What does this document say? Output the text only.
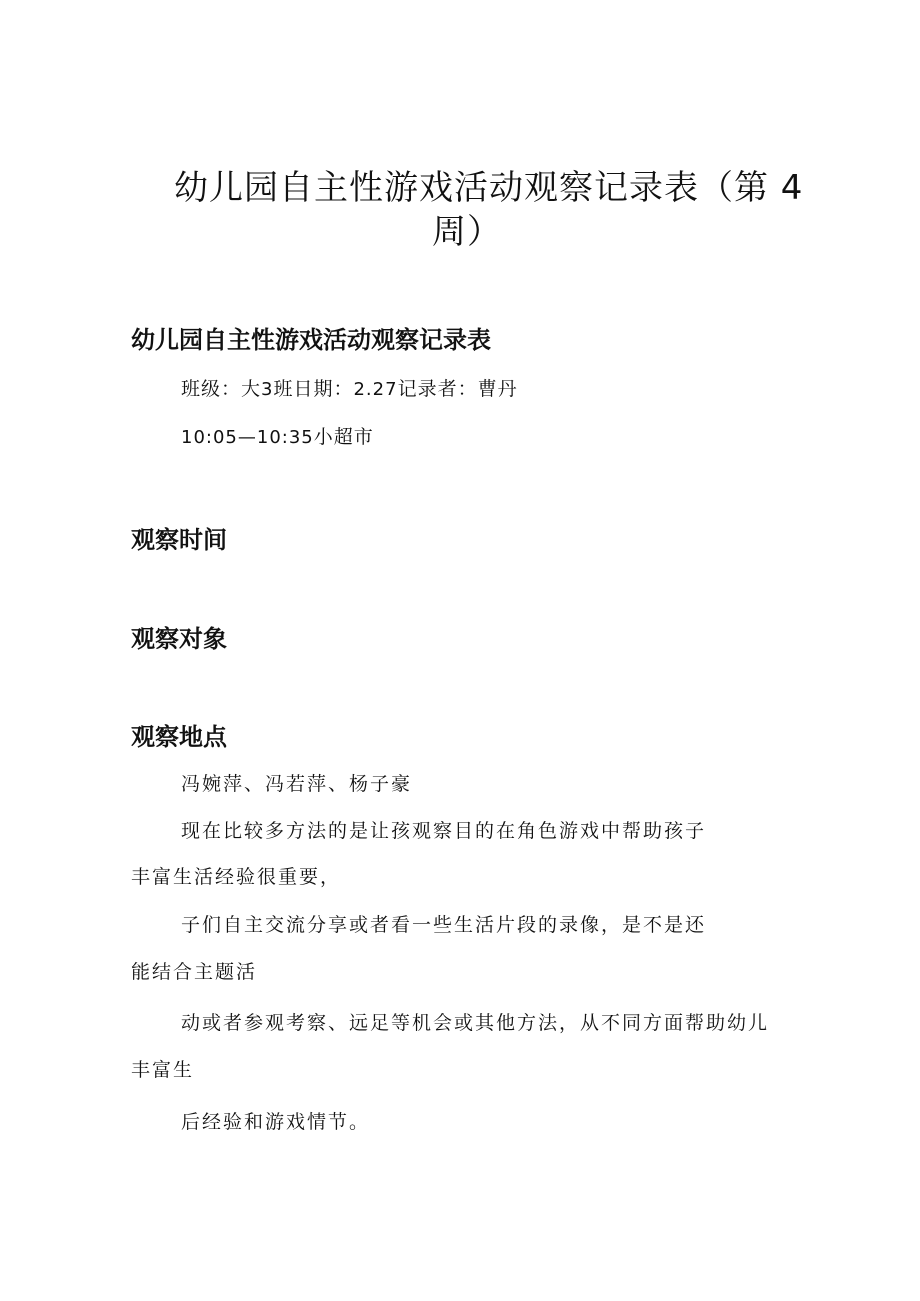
幼儿园自主性游戏活动观察记录表（第 4
周）
幼儿园自主性游戏活动观察记录表
班级：大3班日期：2.27记录者：曹丹
10:05—10:35小超市
观察时间
观察对象
观察地点
冯婉萍、冯若萍、杨子豪
现在比较多方法的是让孩观察目的在角色游戏中帮助孩子
丰富生活经验很重要，
子们自主交流分享或者看一些生活片段的录像，是不是还
能结合主题活
动或者参观考察、远足等机会或其他方法，从不同方面帮助幼儿
丰富生
后经验和游戏情节。
